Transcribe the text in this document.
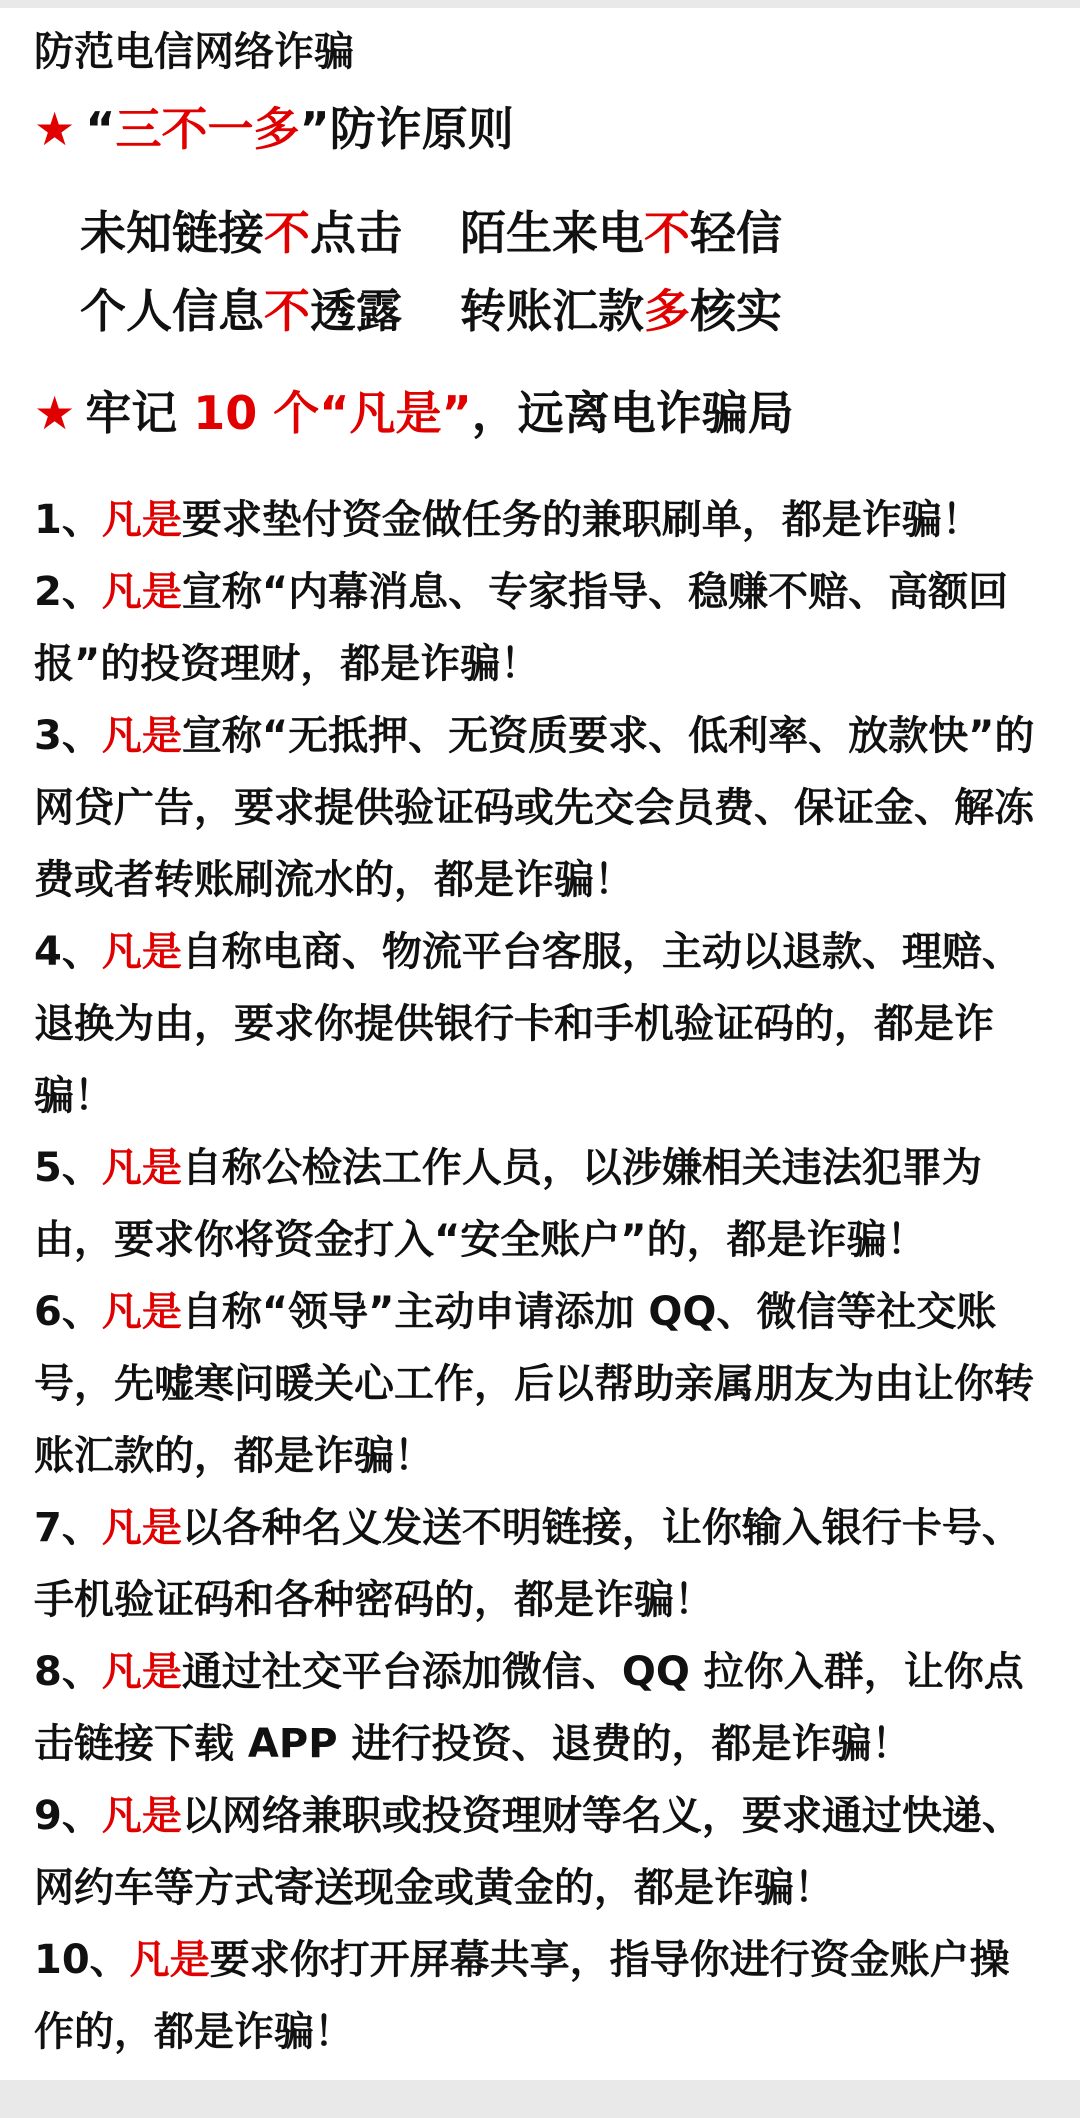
防范电信网络诈骗
★ “三不一多”防诈原则
未知链接不点击 陌生来电不轻信
个人信息不透露 转账汇款多核实
★ 牢记 10 个“凡是”，远离电诈骗局

1、凡是要求垫付资金做任务的兼职刷单，都是诈骗！

2、凡是宣称“内幕消息、专家指导、稳赚不赔、高额回报”的投资理财，都是诈骗！

3、凡是宣称“无抵押、无资质要求、低利率、放款快”的网贷广告，要求提供验证码或先交会员费、保证金、解冻费或者转账刷流水的，都是诈骗！

4、凡是自称电商、物流平台客服，主动以退款、理赔、退换为由，要求你提供银行卡和手机验证码的，都是诈骗！

5、凡是自称公检法工作人员，以涉嫌相关违法犯罪为由，要求你将资金打入“安全账户”的，都是诈骗！

6、凡是自称“领导”主动申请添加 QQ、微信等社交账号，先嘘寒问暖关心工作，后以帮助亲属朋友为由让你转账汇款的，都是诈骗！

7、凡是以各种名义发送不明链接，让你输入银行卡号、手机验证码和各种密码的，都是诈骗！

8、凡是通过社交平台添加微信、QQ 拉你入群，让你点击链接下载 APP 进行投资、退费的，都是诈骗！

9、凡是以网络兼职或投资理财等名义，要求通过快递、网约车等方式寄送现金或黄金的，都是诈骗！

10、凡是要求你打开屏幕共享，指导你进行资金账户操作的，都是诈骗！
